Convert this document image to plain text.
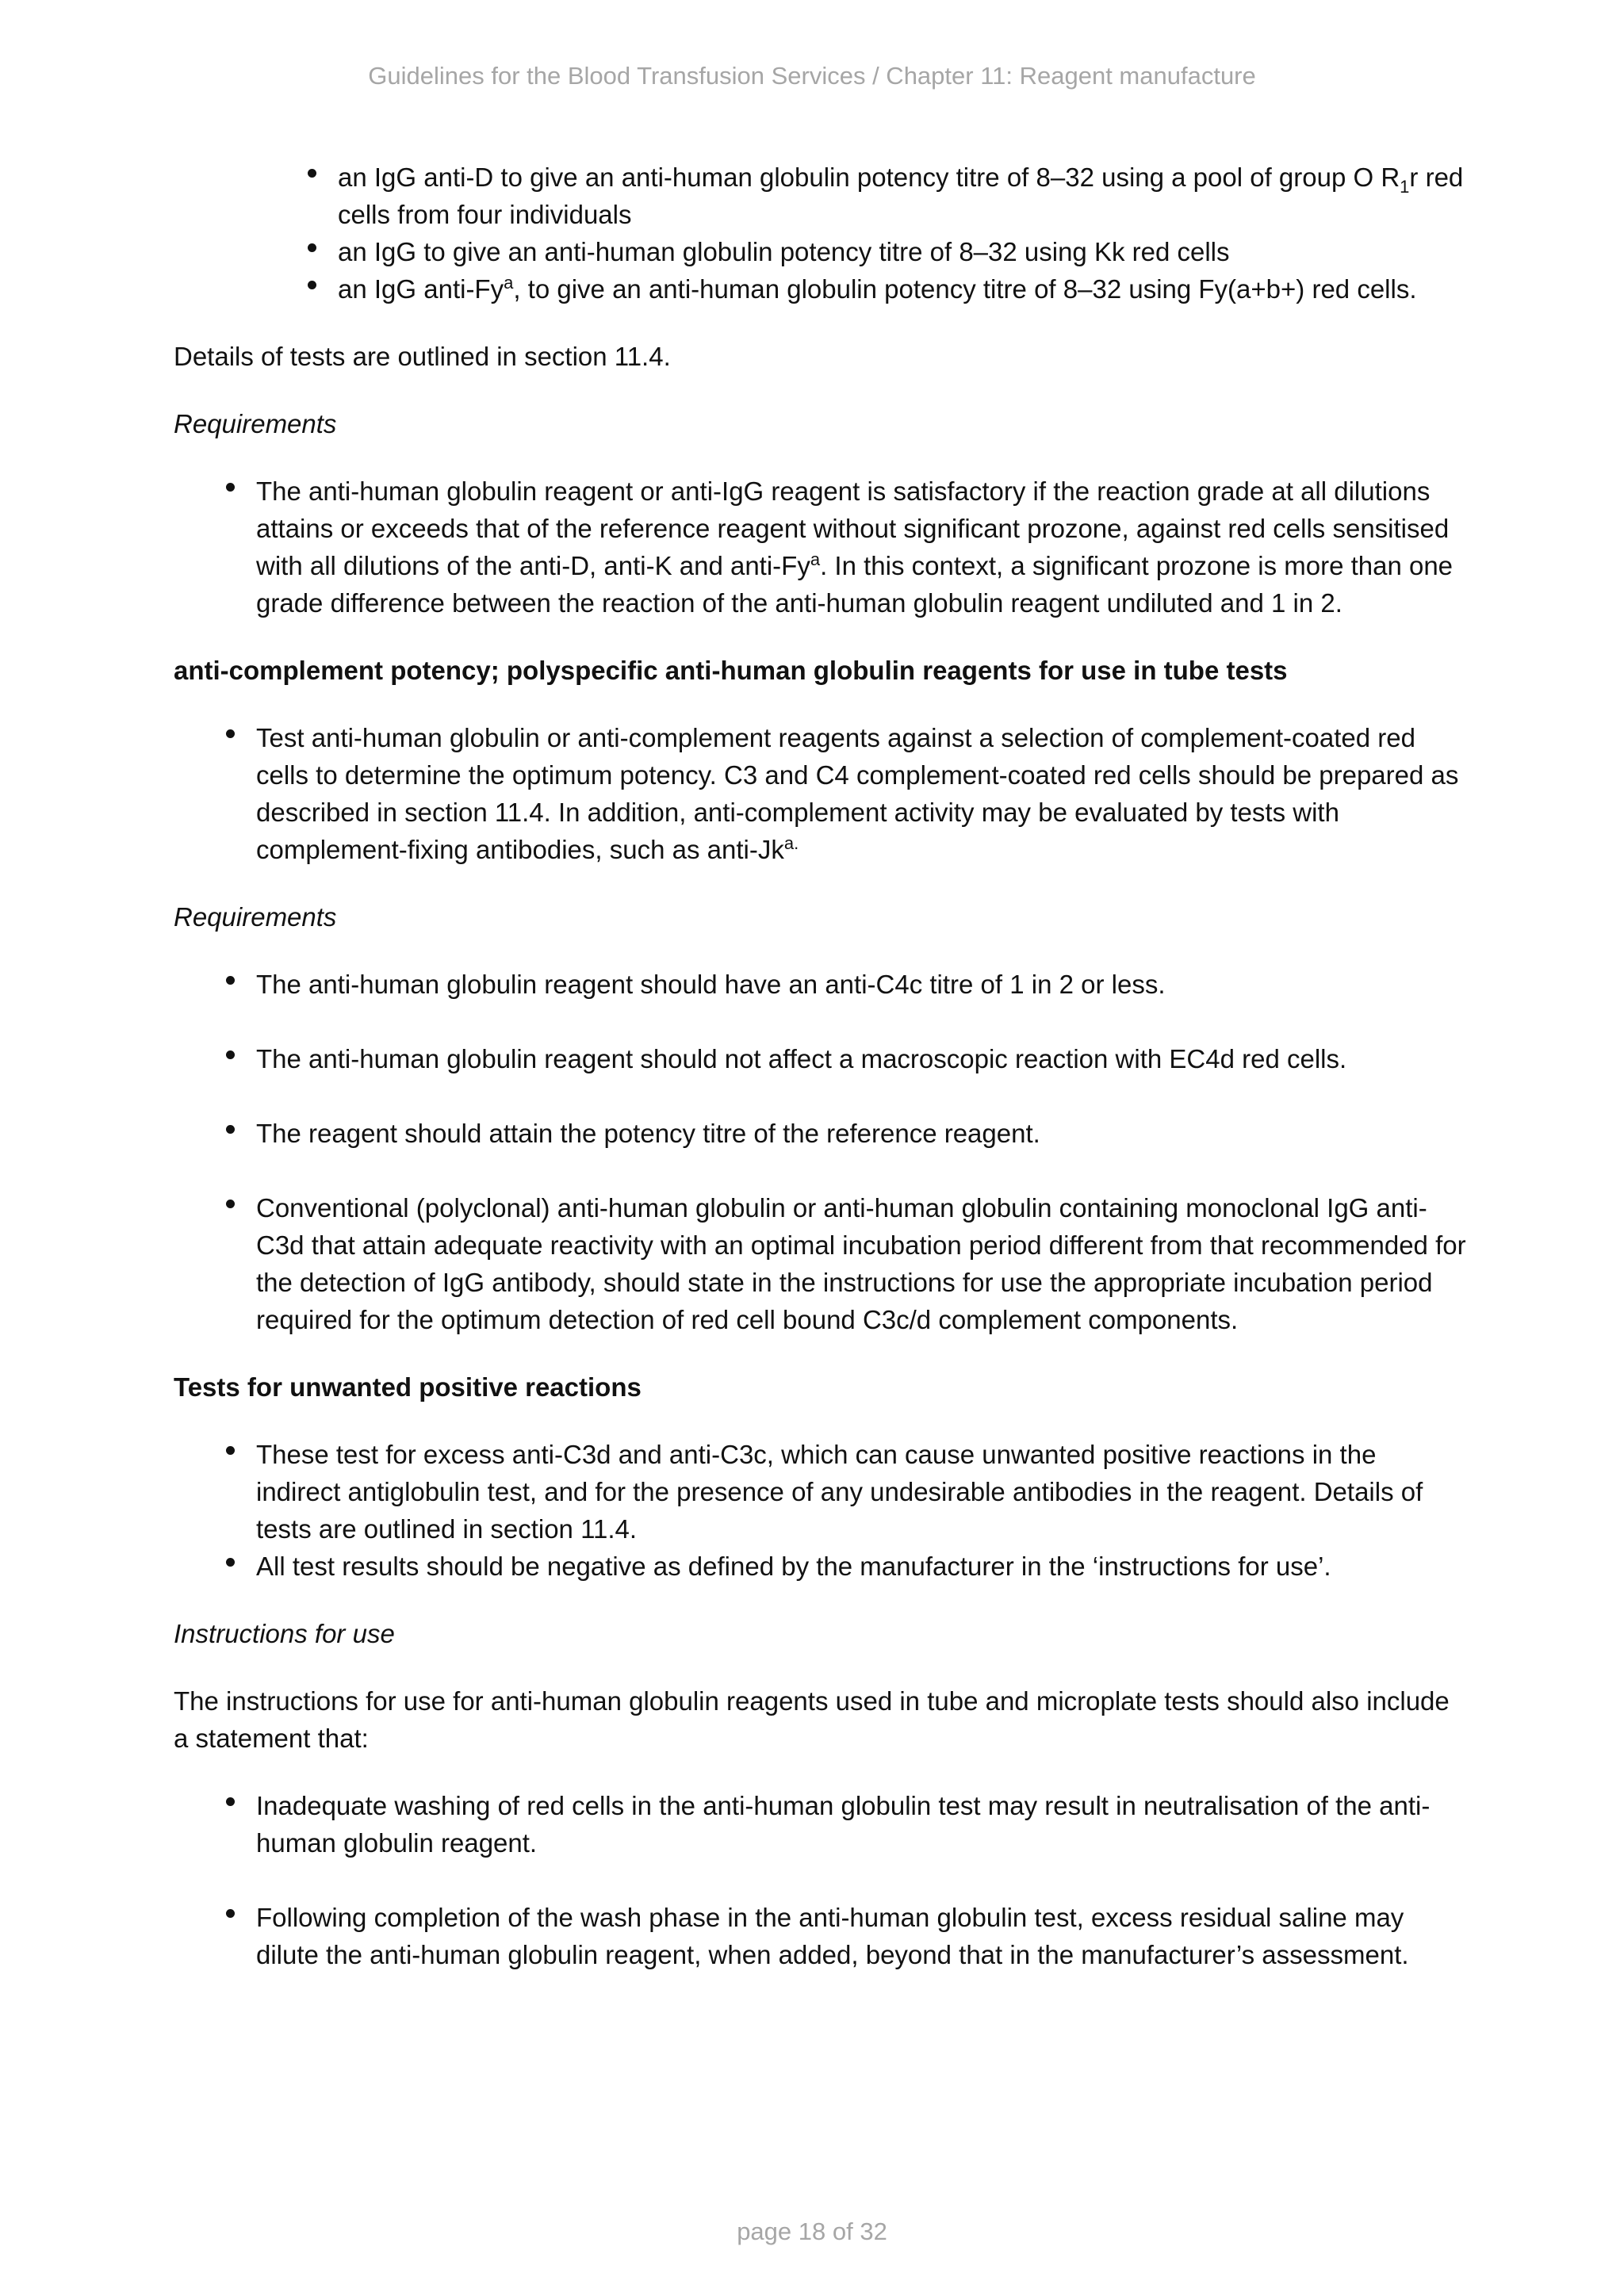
Guidelines for the Blood Transfusion Services / Chapter 11: Reagent manufacture
an IgG anti-D to give an anti-human globulin potency titre of 8–32 using a pool of group O $R_1r$ red cells from four individuals
an IgG to give an anti-human globulin potency titre of 8–32 using Kk red cells
an IgG anti-Fy$^a$, to give an anti-human globulin potency titre of 8–32 using Fy(a+b+) red cells.

Details of tests are outlined in section 11.4.

Requirements

The anti-human globulin reagent or anti-IgG reagent is satisfactory if the reaction grade at all dilutions attains or exceeds that of the reference reagent without significant prozone, against red cells sensitised with all dilutions of the anti-D, anti-K and anti-Fy$^a$. In this context, a significant prozone is more than one grade difference between the reaction of the anti-human globulin reagent undiluted and 1 in 2.

anti-complement potency; polyspecific anti-human globulin reagents for use in tube tests

Test anti-human globulin or anti-complement reagents against a selection of complement-coated red cells to determine the optimum potency. C3 and C4 complement-coated red cells should be prepared as described in section 11.4. In addition, anti-complement activity may be evaluated by tests with complement-fixing antibodies, such as anti-$Jk^{a.}$

Requirements

The anti-human globulin reagent should have an anti-C4c titre of 1 in 2 or less.
The anti-human globulin reagent should not affect a macroscopic reaction with EC4d red cells.
The reagent should attain the potency titre of the reference reagent.
Conventional (polyclonal) anti-human globulin or anti-human globulin containing monoclonal IgG anti-C3d that attain adequate reactivity with an optimal incubation period different from that recommended for the detection of IgG antibody, should state in the instructions for use the appropriate incubation period required for the optimum detection of red cell bound C3c/d complement components.

Tests for unwanted positive reactions

These test for excess anti-C3d and anti-C3c, which can cause unwanted positive reactions in the indirect antiglobulin test, and for the presence of any undesirable antibodies in the reagent. Details of tests are outlined in section 11.4.
All test results should be negative as defined by the manufacturer in the ‘instructions for use’.

Instructions for use

The instructions for use for anti-human globulin reagents used in tube and microplate tests should also include a statement that:

Inadequate washing of red cells in the anti-human globulin test may result in neutralisation of the anti-human globulin reagent.
Following completion of the wash phase in the anti-human globulin test, excess residual saline may dilute the anti-human globulin reagent, when added, beyond that in the manufacturer’s assessment.
page 18 of 32
